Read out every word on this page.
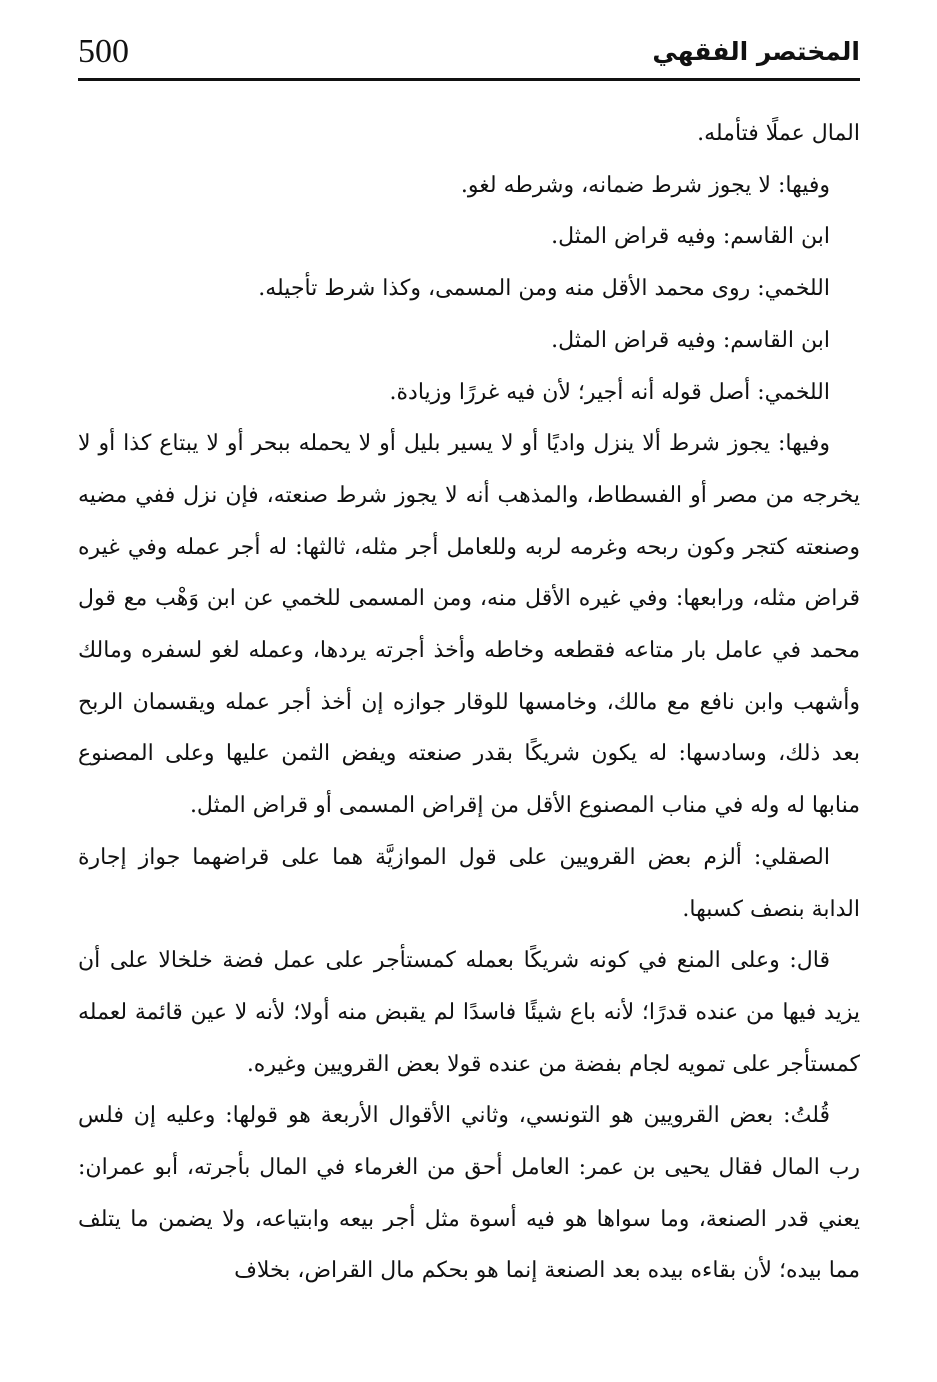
500	المختصر الفقهي

المال عملًا فتأمله.

وفيها: لا يجوز شرط ضمانه، وشرطه لغو.

ابن القاسم: وفيه قراض المثل.

اللخمي: روى محمد الأقل منه ومن المسمى، وكذا شرط تأجيله.

ابن القاسم: وفيه قراض المثل.

اللخمي: أصل قوله أنه أجير؛ لأن فيه غررًا وزيادة.

وفيها: يجوز شرط ألا ينزل واديًا أو لا يسير بليل أو لا يحمله ببحر أو لا يبتاع كذا أو لا يخرجه من مصر أو الفسطاط، والمذهب أنه لا يجوز شرط صنعته، فإن نزل ففي مضيه وصنعته كتجر وكون ربحه وغرمه لربه وللعامل أجر مثله، ثالثها: له أجر عمله وفي غيره قراض مثله، ورابعها: وفي غيره الأقل منه، ومن المسمى للخمي عن ابن وَهْب مع قول محمد في عامل بار متاعه فقطعه وخاطه وأخذ أجرته يردها، وعمله لغو لسفره ومالك وأشهب وابن نافع مع مالك، وخامسها للوقار جوازه إن أخذ أجر عمله ويقسمان الربح بعد ذلك، وسادسها: له يكون شريكًا بقدر صنعته ويفض الثمن عليها وعلى المصنوع منابها له وله في مناب المصنوع الأقل من إقراض المسمى أو قراض المثل.

الصقلي: ألزم بعض القرويين على قول الموازيَّة هما على قراضهما جواز إجارة الدابة بنصف كسبها.

قال: وعلى المنع في كونه شريكًا بعمله كمستأجر على عمل فضة خلخالا على أن يزيد فيها من عنده قدرًا؛ لأنه باع شيئًا فاسدًا لم يقبض منه أولا؛ لأنه لا عين قائمة لعمله كمستأجر على تمويه لجام بفضة من عنده قولا بعض القرويين وغيره.

قُلتُ: بعض القرويين هو التونسي، وثاني الأقوال الأربعة هو قولها: وعليه إن فلس رب المال فقال يحيى بن عمر: العامل أحق من الغرماء في المال بأجرته، أبو عمران: يعني قدر الصنعة، وما سواها هو فيه أسوة مثل أجر بيعه وابتياعه، ولا يضمن ما يتلف مما بيده؛ لأن بقاءه بيده بعد الصنعة إنما هو بحكم مال القراض، بخلاف
